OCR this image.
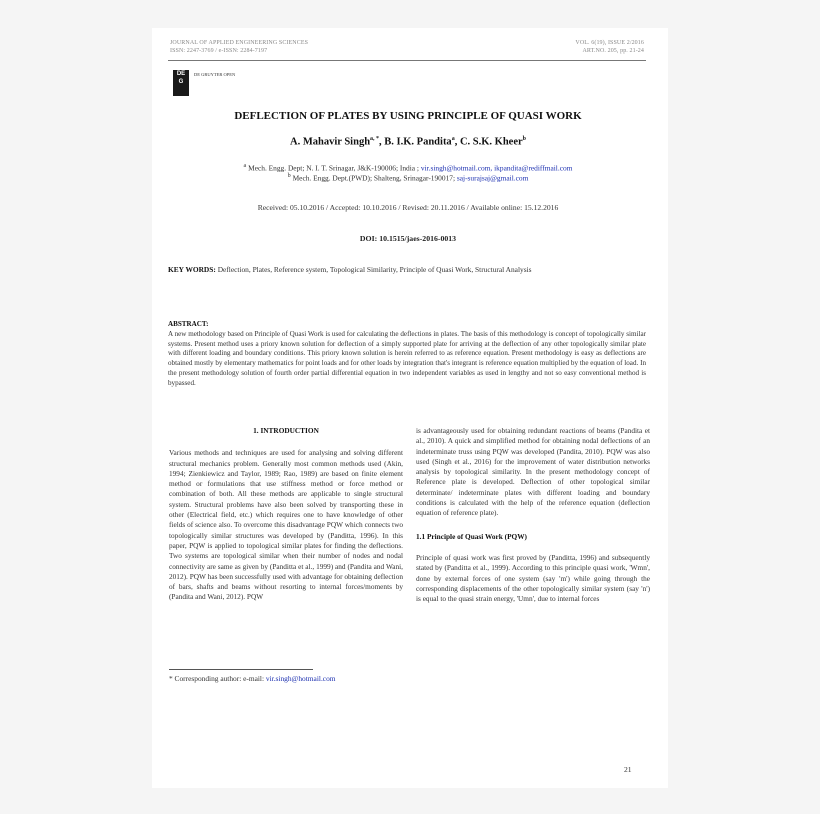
JOURNAL OF APPLIED ENGINEERING SCIENCES
ISSN: 2247-3769 / e-ISSN: 2284-7197
VOL. 6(19), ISSUE 2/2016
ART.NO. 205, pp. 21-24
DE
G
DE GRUYTER OPEN
DEFLECTION OF PLATES BY USING PRINCIPLE OF QUASI WORK
A. Mahavir Singh$^{a, *}$, B. I.K. Pandita$^a$, C. S.K. Kheer$^b$
$^a$ Mech. Engg. Dept; N. I. T. Srinagar, J&K-190006; India ; vir.singh@hotmail.com, ikpandita@rediffmail.com
$^b$ Mech. Engg. Dept.(PWD); Shalteng, Srinagar-190017; saj-surajsaj@gmail.com
Received: 05.10.2016 / Accepted: 10.10.2016 / Revised: 20.11.2016 / Available online: 15.12.2016
DOI: 10.1515/jaes-2016-0013
KEY WORDS: Deflection, Plates, Reference system, Topological Similarity, Principle of Quasi Work, Structural Analysis
ABSTRACT:
A new methodology based on Principle of Quasi Work is used for calculating the deflections in plates. The basis of this methodology is concept of topologically similar systems. Present method uses a priory known solution for deflection of a simply supported plate for arriving at the deflection of any other topologically similar plate with different loading and boundary conditions. This priory known solution is herein referred to as reference equation. Present methodology is easy as deflections are obtained mostly by elementary mathematics for point loads and for other loads by integration that's integrant is reference equation multiplied by the equation of load. In the present methodology solution of fourth order partial differential equation in two independent variables as used in lengthy and not so easy conventional method is bypassed.
1. INTRODUCTION

Various methods and techniques are used for analysing and solving different structural mechanics problem. Generally most common methods used (Akin, 1994; Zienkiewicz and Taylor, 1989; Rao, 1989) are based on finite element method or formulations that use stiffness method or force method or combination of both. All these methods are applicable to single structural system. Structural problems have also been solved by transporting these in other (Electrical field, etc.) which requires one to have knowledge of other fields of science also. To overcome this disadvantage PQW which connects two topologically similar structures was developed by (Panditta, 1996). In this paper, PQW is applied to topological similar plates for finding the deflections. Two systems are topological similar when their number of nodes and nodal connectivity are same as given by (Panditta et al., 1999) and (Pandita and Wani, 2012). PQW has been successfully used with advantage for obtaining deflection of bars, shafts and beams without resorting to internal forces/moments by (Pandita and Wani, 2012). PQW

is advantageously used for obtaining redundant reactions of beams (Pandita et al., 2010). A quick and simplified method for obtaining nodal deflections of an indeterminate truss using PQW was developed (Pandita, 2010). PQW was also used (Singh et al., 2016) for the improvement of water distribution networks analysis by topological similarity. In the present methodology concept of Reference plate is developed. Deflection of other topological similar determinate/ indeterminate plates with different loading and boundary conditions is calculated with the help of the reference equation (deflection equation of reference plate).

1.1 Principle of Quasi Work (PQW)

Principle of quasi work was first proved by (Panditta, 1996) and subsequently stated by (Panditta et al., 1999). According to this principle quasi work, 'Wmn', done by external forces of one system (say 'm') while going through the corresponding displacements of the other topologically similar system (say 'n') is equal to the quasi strain energy, 'Umn', due to internal forces

* Corresponding author: e-mail: vir.singh@hotmail.com
21
